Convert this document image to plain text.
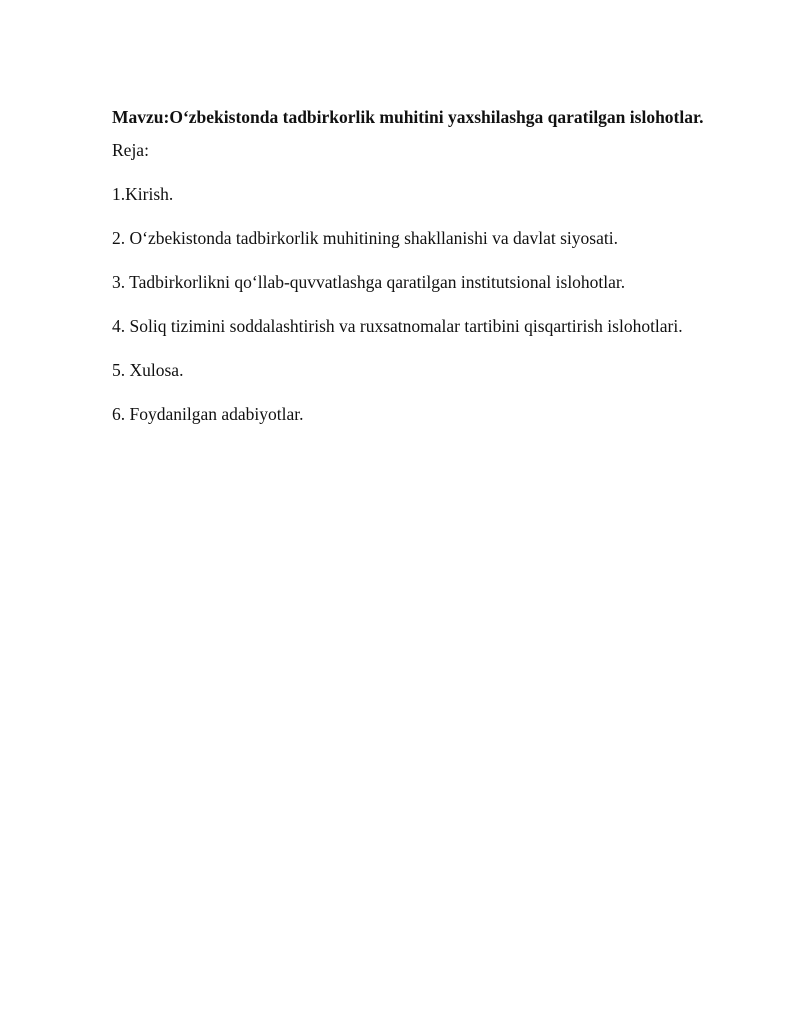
Mavzu:O‘zbekistonda tadbirkorlik muhitini yaxshilashga qaratilgan islohotlar.

Reja:

1.Kirish.
2. O‘zbekistonda tadbirkorlik muhitining shakllanishi va davlat siyosati.
3. Tadbirkorlikni qo‘llab-quvvatlashga qaratilgan institutsional islohotlar.
4. Soliq tizimini soddalashtirish va ruxsatnomalar tartibini qisqartirish islohotlari.
5. Xulosa.
6. Foydanilgan adabiyotlar.
